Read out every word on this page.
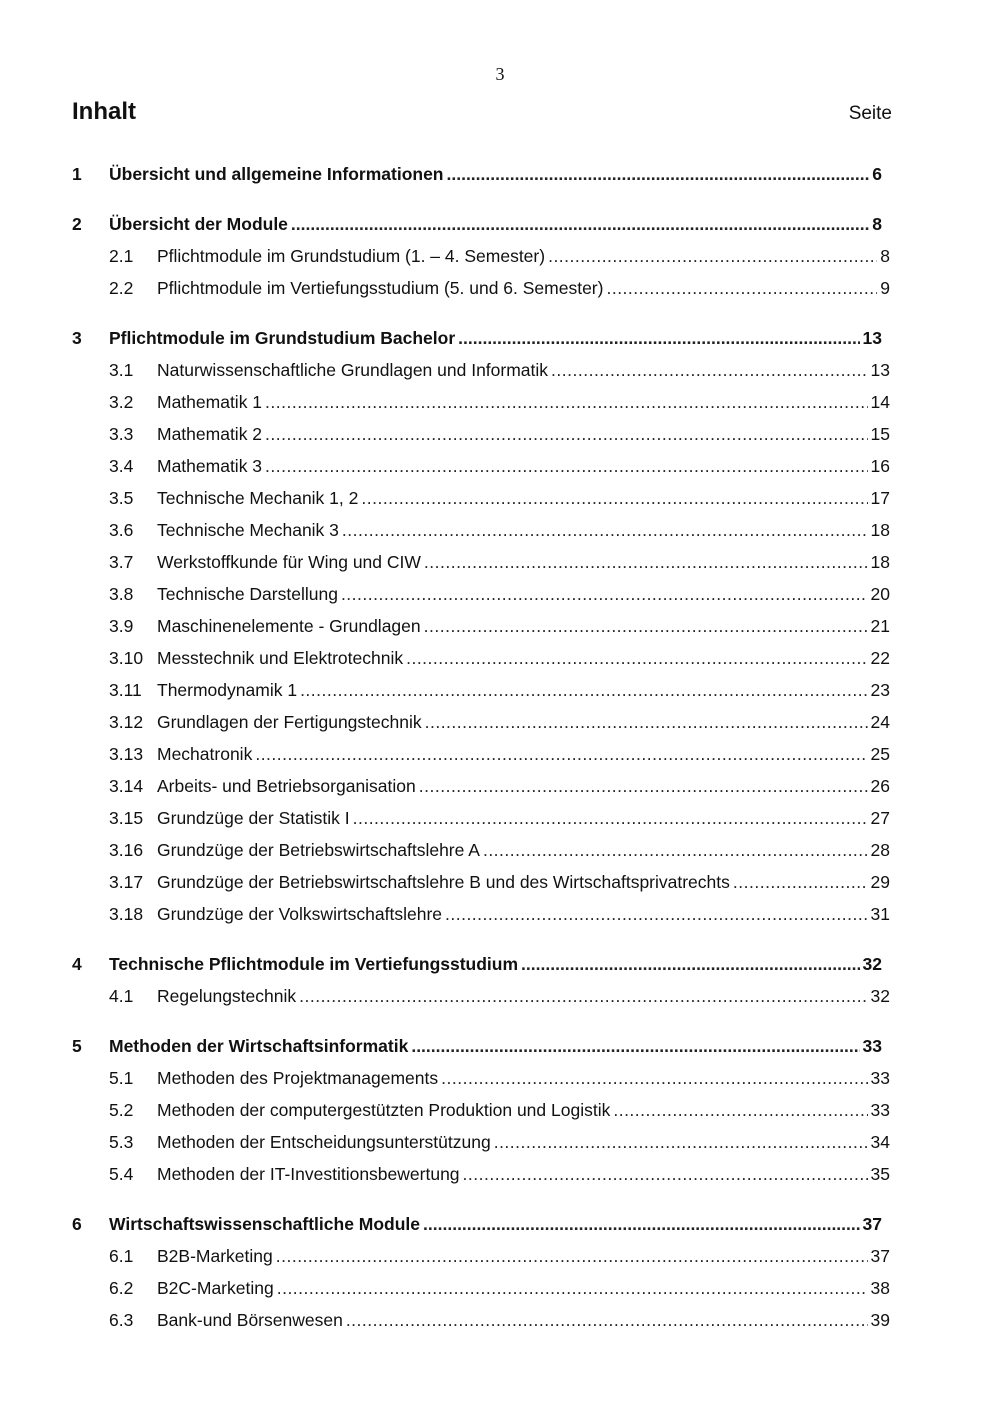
3
Inhalt	Seite
1	Übersicht und allgemeine Informationen .....	6
2	Übersicht der Module .....	8
2.1	Pflichtmodule im Grundstudium (1. – 4. Semester) .....	8
2.2	Pflichtmodule im Vertiefungsstudium (5. und 6. Semester) .....	9
3	Pflichtmodule im Grundstudium Bachelor .....	13
3.1	Naturwissenschaftliche Grundlagen und Informatik .....	13
3.2	Mathematik 1 .....	14
3.3	Mathematik 2 .....	15
3.4	Mathematik 3 .....	16
3.5	Technische Mechanik 1, 2 .....	17
3.6	Technische Mechanik 3 .....	18
3.7	Werkstoffkunde für Wing und CIW .....	18
3.8	Technische Darstellung .....	20
3.9	Maschinenelemente - Grundlagen .....	21
3.10 Messtechnik und Elektrotechnik .....	22
3.11 Thermodynamik 1 .....	23
3.12 Grundlagen der Fertigungstechnik .....	24
3.13 Mechatronik .....	25
3.14 Arbeits- und Betriebsorganisation .....	26
3.15 Grundzüge der Statistik I .....	27
3.16 Grundzüge der Betriebswirtschaftslehre A .....	28
3.17 Grundzüge der Betriebswirtschaftslehre B und des Wirtschaftsprivatrechts .....	29
3.18 Grundzüge der Volkswirtschaftslehre .....	31
4	Technische Pflichtmodule im Vertiefungsstudium .....	32
4.1	Regelungstechnik .....	32
5	Methoden der Wirtschaftsinformatik .....	33
5.1	Methoden des Projektmanagements .....	33
5.2	Methoden der computergestützten Produktion und Logistik .....	33
5.3	Methoden der Entscheidungsunterstützung .....	34
5.4	Methoden der IT-Investitionsbewertung .....	35
6	Wirtschaftswissenschaftliche Module .....	37
6.1	B2B-Marketing .....	37
6.2	B2C-Marketing .....	38
6.3	Bank-und Börsenwesen .....	39
